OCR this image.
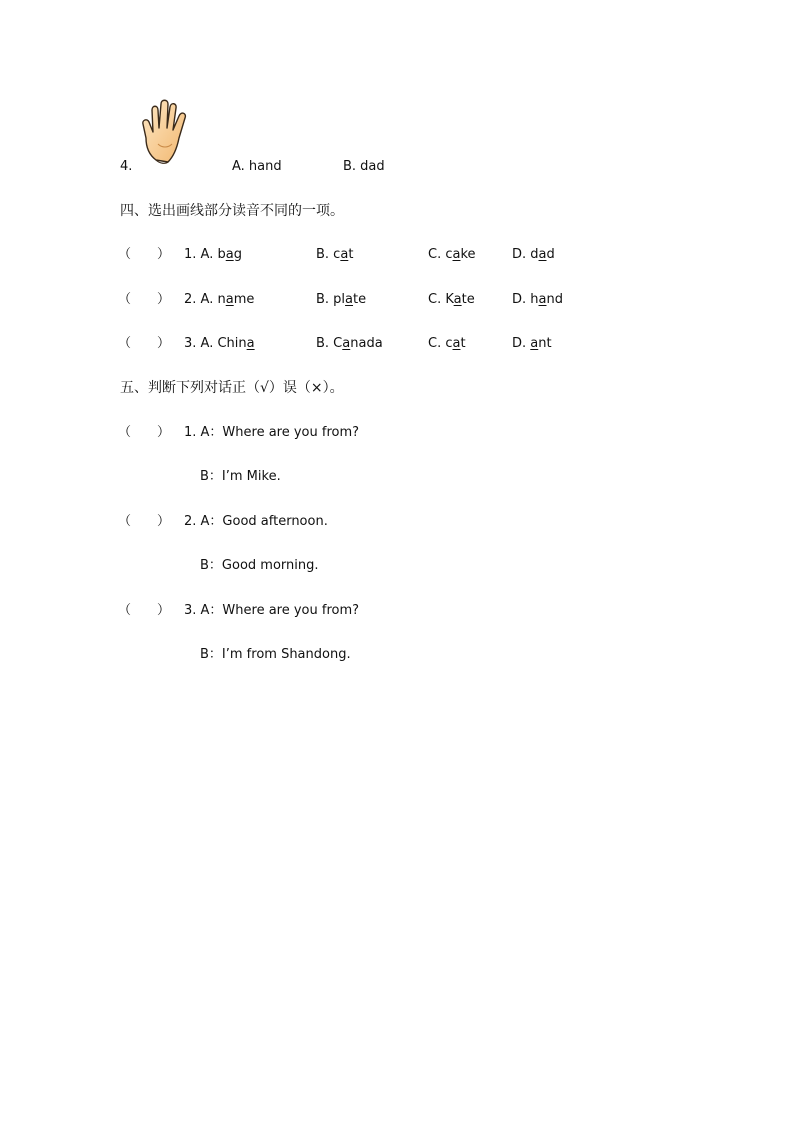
4.	A. hand	B. dad
四、选出画线部分读音不同的一项。
（　　） 1. A. bag	B. cat	C. cake	D. dad
（　　） 2. A. name	B. plate	C. Kate	D. hand
（　　） 3. A. China	B. Canada	C. cat	D. ant
五、判断下列对话正（√）误（×）。
（　　） 1. A：Where are you from?
B：I’m Mike.
（　　） 2. A：Good afternoon.
B：Good morning.
（　　） 3. A：Where are you from?
B：I’m from Shandong.
